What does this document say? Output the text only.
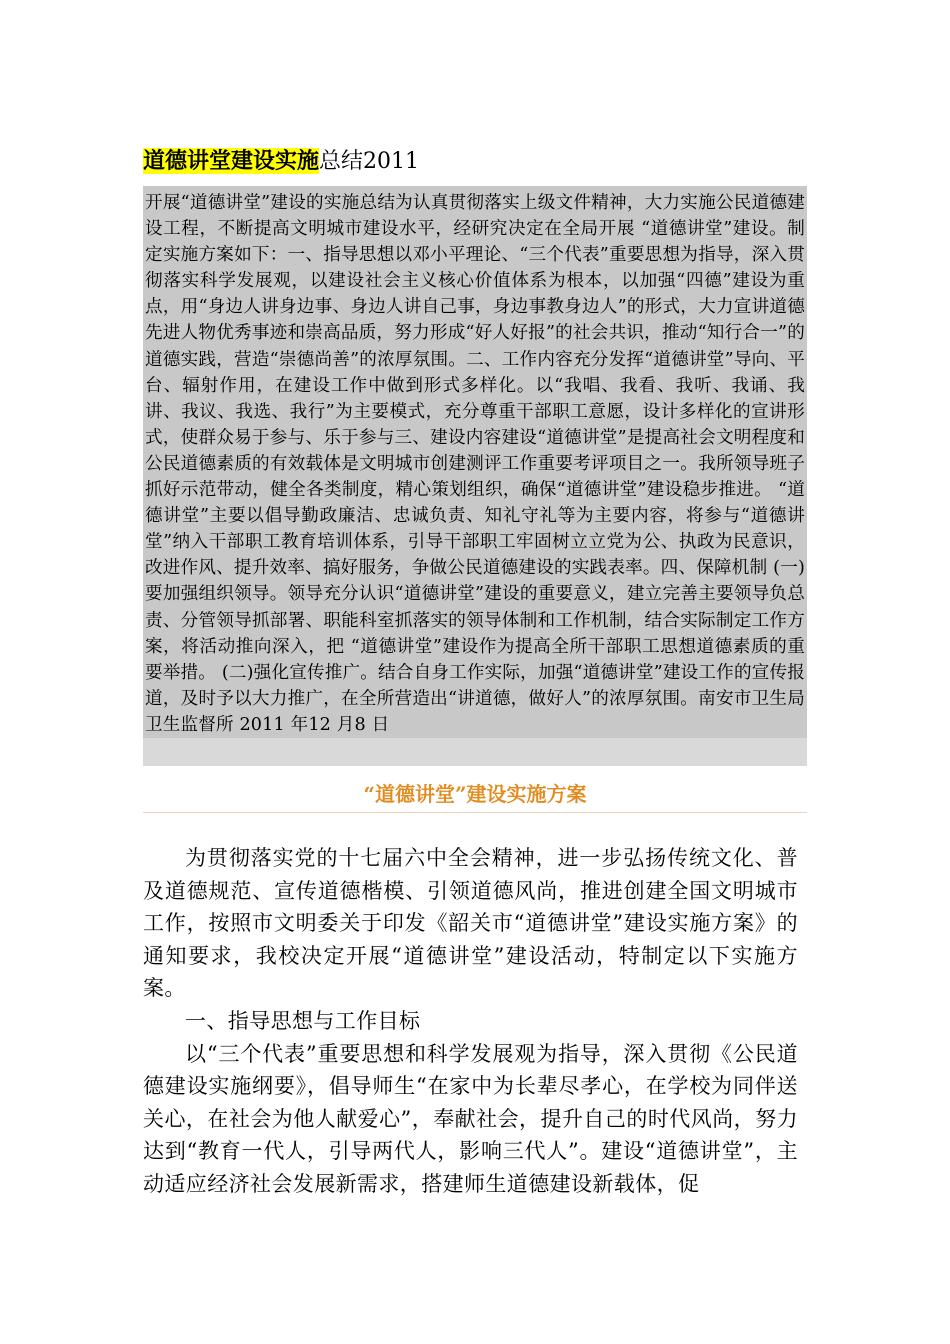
道德讲堂建设实施总结2011

开展“道德讲堂”建设的实施总结为认真贯彻落实上级文件精神，大力实施公民道德建设工程，不断提高文明城市建设水平，经研究决定在全局开展 “道德讲堂”建设。制定实施方案如下：一、指导思想以邓小平理论、“三个代表”重要思想为指导，深入贯彻落实科学发展观，以建设社会主义核心价值体系为根本，以加强“四德”建设为重点，用“身边人讲身边事、身边人讲自己事，身边事教身边人”的形式，大力宣讲道德先进人物优秀事迹和崇高品质，努力形成“好人好报”的社会共识，推动“知行合一”的道德实践，营造“崇德尚善”的浓厚氛围。二、工作内容充分发挥“道德讲堂”导向、平台、辐射作用，在建设工作中做到形式多样化。以“我唱、我看、我听、我诵、我讲、我议、我选、我行”为主要模式，充分尊重干部职工意愿，设计多样化的宣讲形式，使群众易于参与、乐于参与三、建设内容建设“道德讲堂”是提高社会文明程度和公民道德素质的有效载体是文明城市创建测评工作重要考评项目之一。我所领导班子抓好示范带动，健全各类制度，精心策划组织，确保“道德讲堂”建设稳步推进。 “道德讲堂”主要以倡导勤政廉洁、忠诚负责、知礼守礼等为主要内容，将参与“道德讲堂”纳入干部职工教育培训体系，引导干部职工牢固树立立党为公、执政为民意识，改进作风、提升效率、搞好服务，争做公民道德建设的实践表率。四、保障机制 (一)要加强组织领导。领导充分认识“道德讲堂”建设的重要意义，建立完善主要领导负总责、分管领导抓部署、职能科室抓落实的领导体制和工作机制，结合实际制定工作方案，将活动推向深入，把 “道德讲堂”建设作为提高全所干部职工思想道德素质的重要举措。 (二)强化宣传推广。结合自身工作实际，加强“道德讲堂”建设工作的宣传报道，及时予以大力推广，在全所营造出“讲道德，做好人”的浓厚氛围。南安市卫生局卫生监督所 2011 年12 月8 日

“道德讲堂”建设实施方案

为贯彻落实党的十七届六中全会精神，进一步弘扬传统文化、普及道德规范、宣传道德楷模、引领道德风尚，推进创建全国文明城市工作，按照市文明委关于印发《韶关市“道德讲堂”建设实施方案》的通知要求，我校决定开展“道德讲堂”建设活动，特制定以下实施方案。

一、指导思想与工作目标

以“三个代表”重要思想和科学发展观为指导，深入贯彻《公民道德建设实施纲要》，倡导师生“在家中为长辈尽孝心，在学校为同伴送关心，在社会为他人献爱心”，奉献社会，提升自己的时代风尚，努力达到“教育一代人，引导两代人，影响三代人”。建设“道德讲堂”，主动适应经济社会发展新需求，搭建师生道德建设新载体，促
